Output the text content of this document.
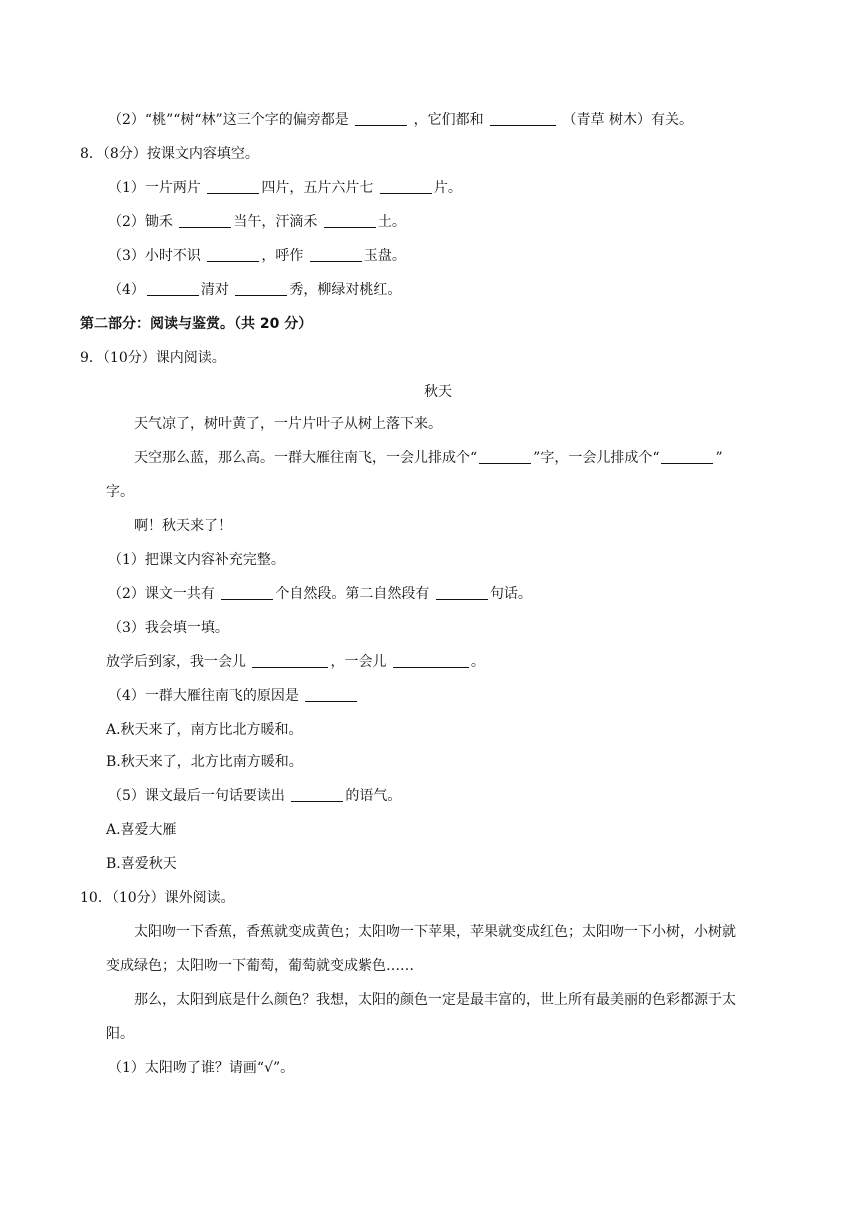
（2）“桃”“树“林”这三个字的偏旁都是	，它们都和	（青草 树木）有关。
8．（8分）按课文内容填空。
（1）一片两片	四片，五片六片七	片。
（2）锄禾	当午，汗滴禾	土。
（3）小时不识	，呼作	玉盘。
（4）	清对	秀，柳绿对桃红。
第二部分：阅读与鉴赏。（共 20 分）
9．（10分）课内阅读。
秋天
天气凉了，树叶黄了，一片片叶子从树上落下来。
天空那么蓝，那么高。一群大雁往南飞，一会儿排成个“	”字，一会儿排成个“	”
字。
啊！秋天来了！
（1）把课文内容补充完整。
（2）课文一共有	个自然段。第二自然段有	句话。
（3）我会填一填。
放学后到家，我一会儿	，一会儿	。
（4）一群大雁往南飞的原因是
A.秋天来了，南方比北方暖和。
B.秋天来了，北方比南方暖和。
（5）课文最后一句话要读出	的语气。
A.喜爱大雁
B.喜爱秋天
10．（10分）课外阅读。
太阳吻一下香蕉，香蕉就变成黄色；太阳吻一下苹果，苹果就变成红色；太阳吻一下小树，小树就
变成绿色；太阳吻一下葡萄，葡萄就变成紫色……
那么，太阳到底是什么颜色？我想，太阳的颜色一定是最丰富的，世上所有最美丽的色彩都源于太
阳。
（1）太阳吻了谁？请画“√”。
